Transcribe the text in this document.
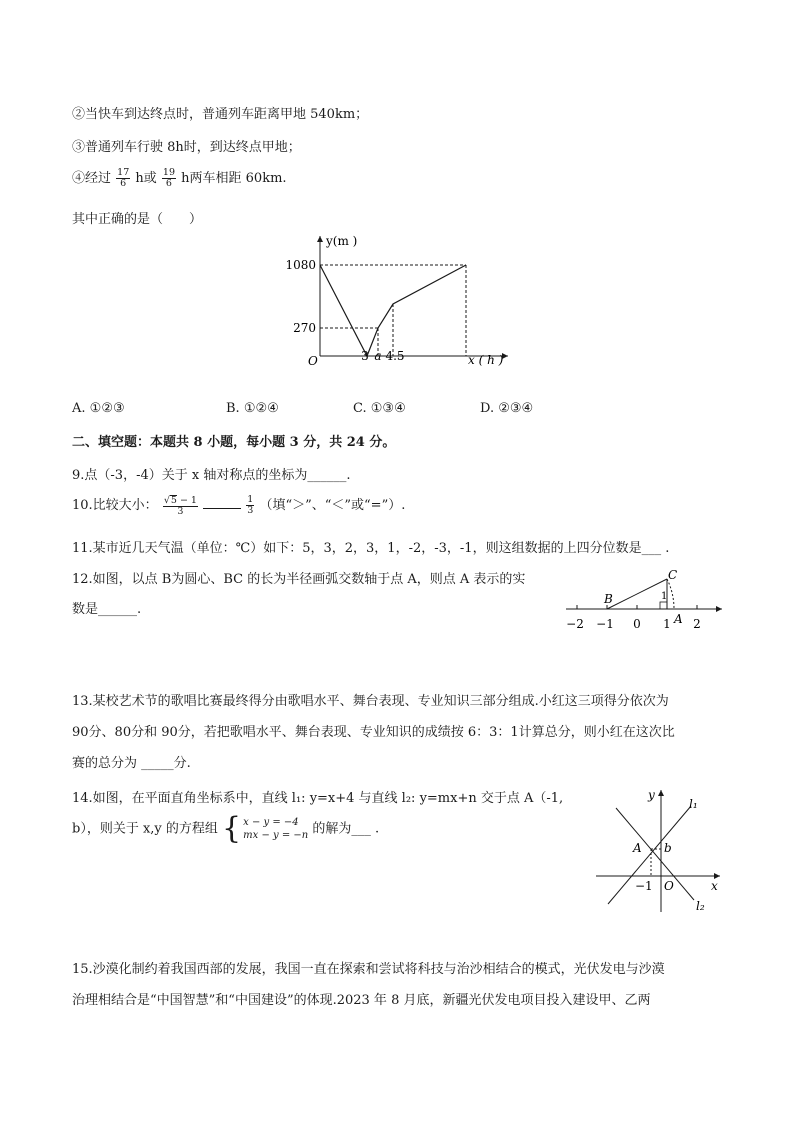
②当快车到达终点时，普通列车距离甲地 540km；
③普通列车行驶 8h时，到达终点甲地；
④经过 $\frac{17}{6}$ h或 $\frac{19}{6}$ h两车相距 60km.
其中正确的是（　　）
y(m )
x ( h )
O
1080
270
3 a 4.5
A. ①②③	B. ①②④	C. ①③④	D. ②③④
二、填空题：本题共 8 小题，每小题 3 分，共 24 分。
9.点（-3，-4）关于 x 轴对称点的坐标为______.
10.比较大小： $\frac{√5 - 1}{3}$
	$\frac{1}{3}$ （填“＞”、“＜”或“=”）.
11.某市近几天气温（单位：℃）如下：5，3，2，3，1，-2，-3，-1，则这组数据的上四分位数是___ .
12.如图，以点 B为圆心、BC 的长为半径画弧交数轴于点 A，则点 A 表示的实
数是______.
B
C
A
1
−2 −1 0 1 2
13.某校艺术节的歌唱比赛最终得分由歌唱水平、舞台表现、专业知识三部分组成.小红这三项得分依次为
90分、80分和 90分，若把歌唱水平、舞台表现、专业知识的成绩按 6：3：1计算总分，则小红在这次比
赛的总分为 _____分.
14.如图，在平面直角坐标系中，直线 l₁: y=x+4 与直线 l₂: y=mx+n 交于点 A（-1,
b），则关于 x,y 的方程组 { x − y = −4
mx − y = −n 的解为___ .
y
x
l₁
l₂
A b
O
−1
15.沙漠化制约着我国西部的发展，我国一直在探索和尝试将科技与治沙相结合的模式，光伏发电与沙漠
治理相结合是“中国智慧”和“中国建设”的体现.2023 年 8 月底，新疆光伏发电项目投入建设甲、乙两
